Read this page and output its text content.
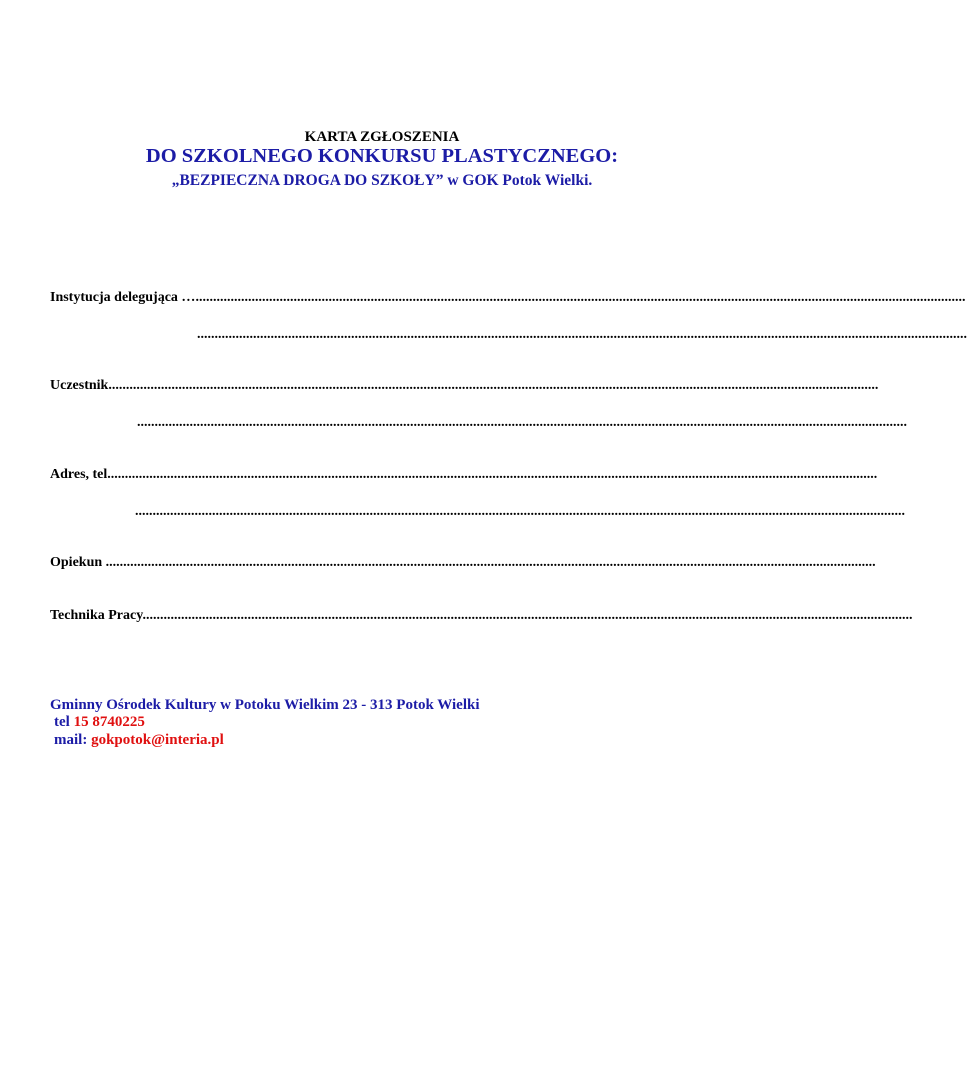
KARTA ZGŁOSZENIA
DO SZKOLNEGO KONKURSU PLASTYCZNEGO:
„BEZPIECZNA DROGA DO SZKOŁY” w GOK Potok Wielki.
Instytucja delegująca …............................................................................................................................................................................................................................
............................................................................................................................................................................................................................
Uczestnik............................................................................................................................................................................................................................
............................................................................................................................................................................................................................
Adres, tel............................................................................................................................................................................................................................
............................................................................................................................................................................................................................
Opiekun ............................................................................................................................................................................................................................
Technika Pracy............................................................................................................................................................................................................................
Gminny Ośrodek Kultury w Potoku Wielkim 23 - 313 Potok Wielki
tel 15 8740225
mail: gokpotok@interia.pl
